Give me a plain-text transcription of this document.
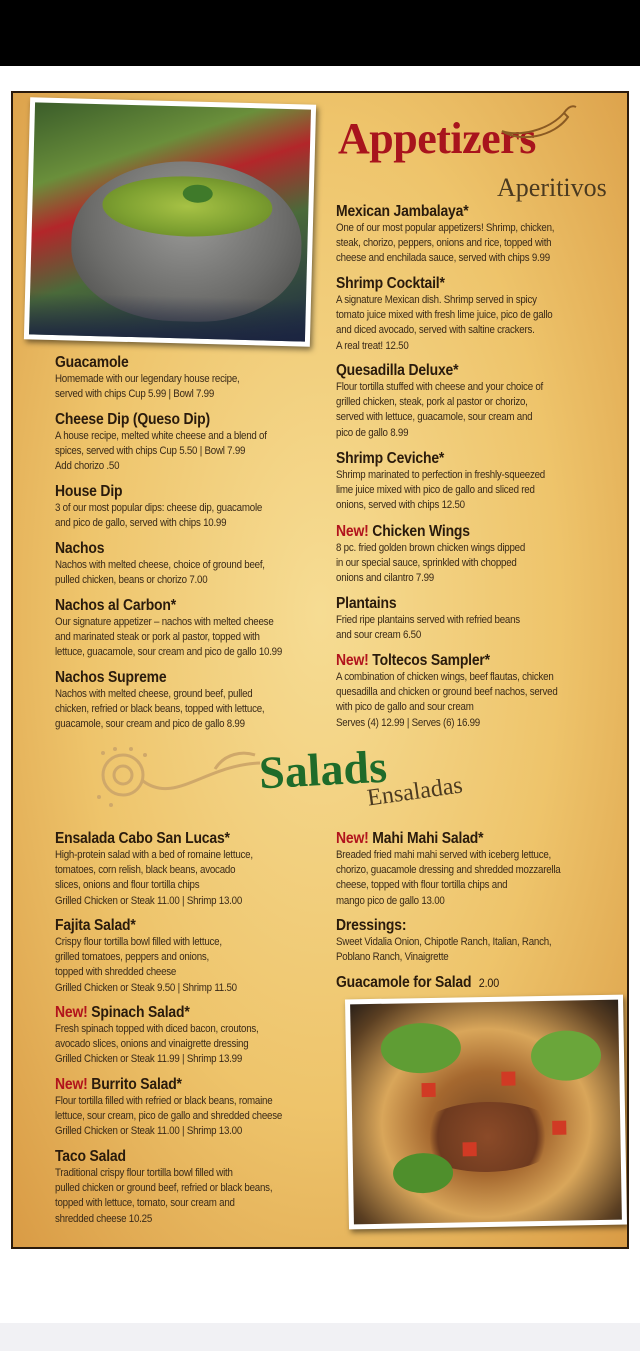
Appetizers
Aperitivos
Guacamole
Homemade with our legendary house recipe,
served with chips Cup 5.99 | Bowl 7.99
Cheese Dip (Queso Dip)
A house recipe, melted white cheese and a blend of
spices, served with chips Cup 5.50 | Bowl 7.99
Add chorizo .50
House Dip
3 of our most popular dips: cheese dip, guacamole
and pico de gallo, served with chips 10.99
Nachos
Nachos with melted cheese, choice of ground beef,
pulled chicken, beans or chorizo 7.00
Nachos al Carbon*
Our signature appetizer – nachos with melted cheese
and marinated steak or pork al pastor, topped with
lettuce, guacamole, sour cream and pico de gallo 10.99
Nachos Supreme
Nachos with melted cheese, ground beef, pulled
chicken, refried or black beans, topped with lettuce,
guacamole, sour cream and pico de gallo 8.99
Mexican Jambalaya*
One of our most popular appetizers! Shrimp, chicken,
steak, chorizo, peppers, onions and rice, topped with
cheese and enchilada sauce, served with chips 9.99
Shrimp Cocktail*
A signature Mexican dish. Shrimp served in spicy
tomato juice mixed with fresh lime juice, pico de gallo
and diced avocado, served with saltine crackers.
A real treat! 12.50
Quesadilla Deluxe*
Flour tortilla stuffed with cheese and your choice of
grilled chicken, steak, pork al pastor or chorizo,
served with lettuce, guacamole, sour cream and
pico de gallo 8.99
Shrimp Ceviche*
Shrimp marinated to perfection in freshly-squeezed
lime juice mixed with pico de gallo and sliced red
onions, served with chips 12.50
New! Chicken Wings
8 pc. fried golden brown chicken wings dipped
in our special sauce, sprinkled with chopped
onions and cilantro 7.99
Plantains
Fried ripe plantains served with refried beans
and sour cream 6.50
New! Toltecos Sampler*
A combination of chicken wings, beef flautas, chicken
quesadilla and chicken or ground beef nachos, served
with pico de gallo and sour cream
Serves (4) 12.99 | Serves (6) 16.99
Salads
Ensaladas
Ensalada Cabo San Lucas*
High-protein salad with a bed of romaine lettuce,
tomatoes, corn relish, black beans, avocado
slices, onions and flour tortilla chips
Grilled Chicken or Steak 11.00 | Shrimp 13.00
Fajita Salad*
Crispy flour tortilla bowl filled with lettuce,
grilled tomatoes, peppers and onions,
topped with shredded cheese
Grilled Chicken or Steak 9.50 | Shrimp 11.50
New! Spinach Salad*
Fresh spinach topped with diced bacon, croutons,
avocado slices, onions and vinaigrette dressing
Grilled Chicken or Steak 11.99 | Shrimp 13.99
New! Burrito Salad*
Flour tortilla filled with refried or black beans, romaine
lettuce, sour cream, pico de gallo and shredded cheese
Grilled Chicken or Steak 11.00 | Shrimp 13.00
Taco Salad
Traditional crispy flour tortilla bowl filled with
pulled chicken or ground beef, refried or black beans,
topped with lettuce, tomato, sour cream and
shredded cheese 10.25
New! Mahi Mahi Salad*
Breaded fried mahi mahi served with iceberg lettuce,
chorizo, guacamole dressing and shredded mozzarella
cheese, topped with flour tortilla chips and
mango pico de gallo 13.00
Dressings:
Sweet Vidalia Onion, Chipotle Ranch, Italian, Ranch,
Poblano Ranch, Vinaigrette
Guacamole for Salad 2.00
